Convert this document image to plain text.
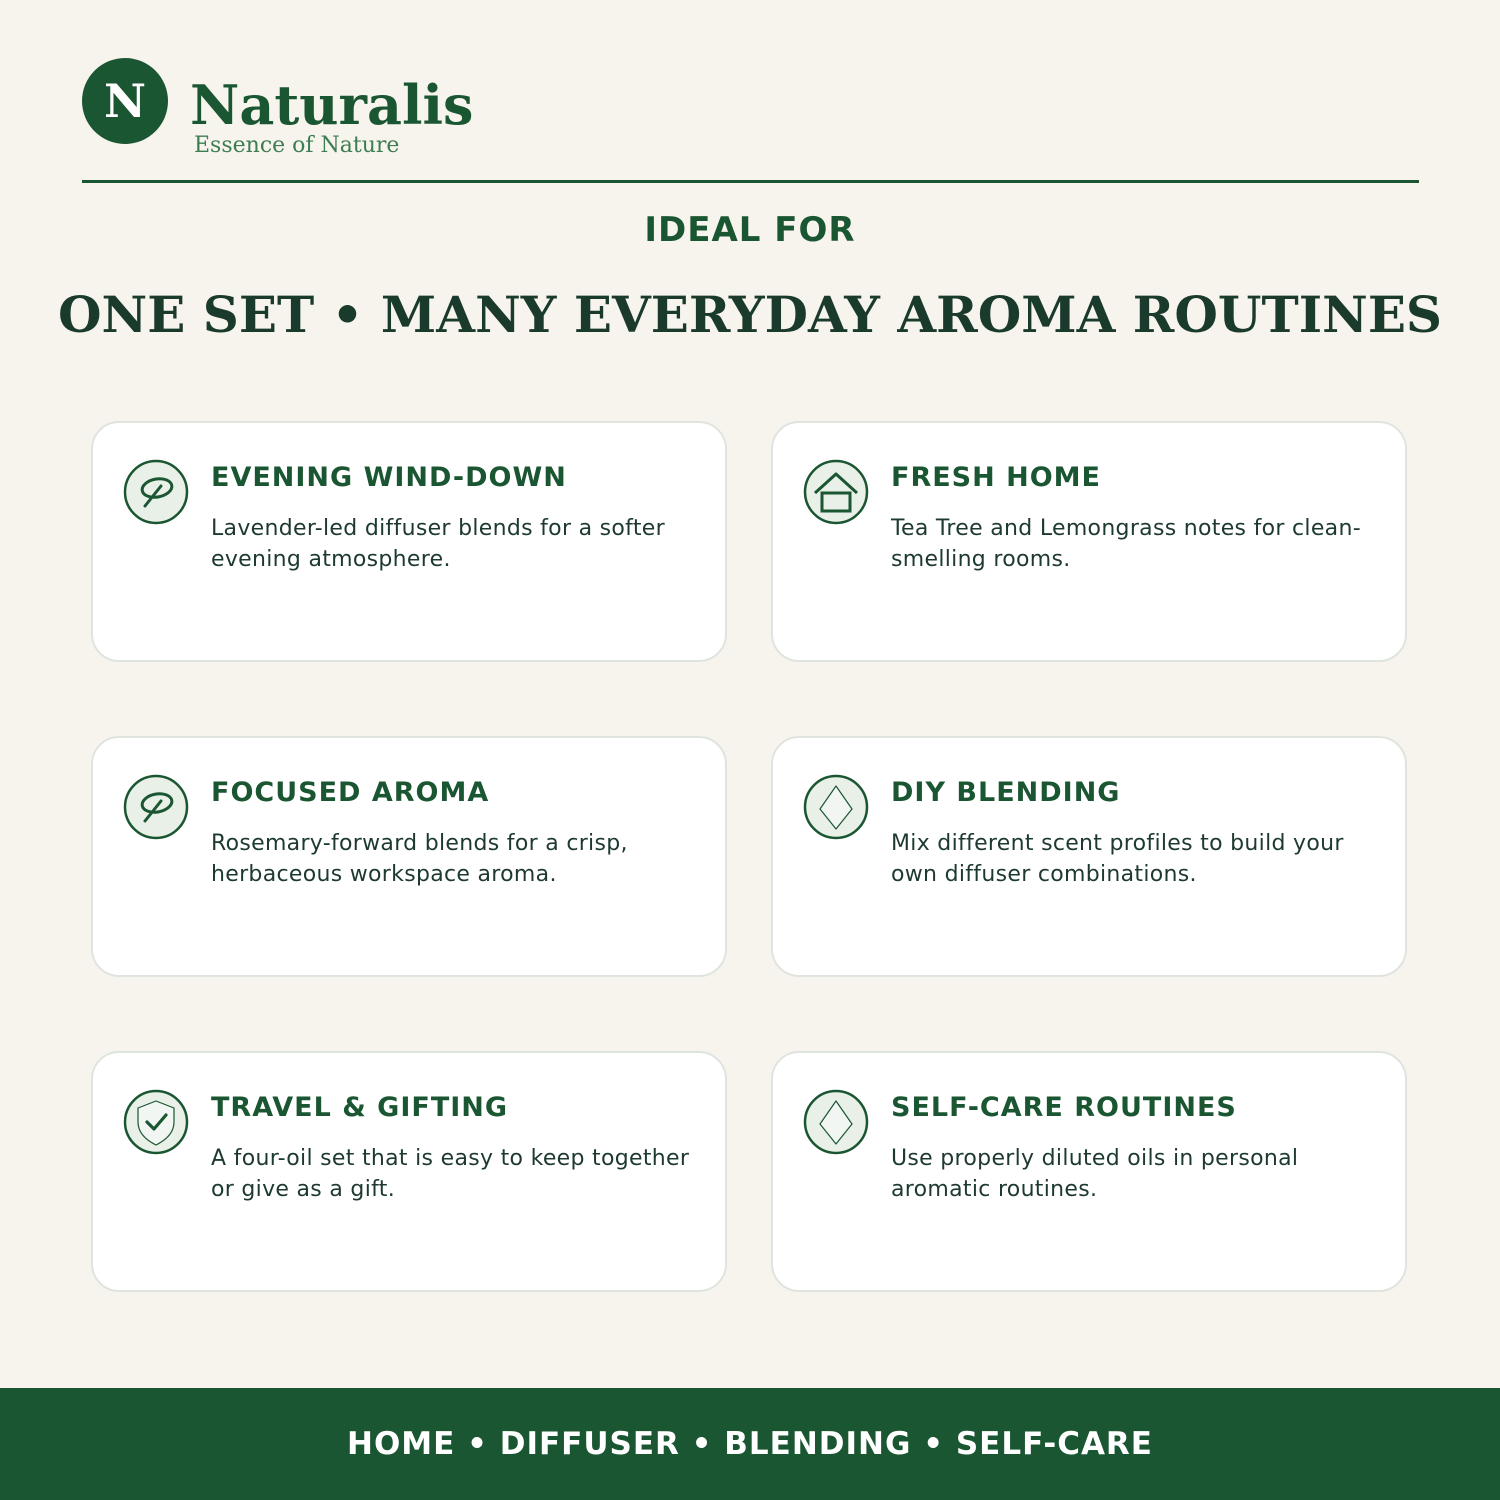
N Naturalis
Essence of Nature
IDEAL FOR
ONE SET • MANY EVERYDAY AROMA ROUTINES
EVENING WIND-DOWN
Lavender-led diffuser blends for a softer evening atmosphere.
FRESH HOME
Tea Tree and Lemongrass notes for clean-smelling rooms.
FOCUSED AROMA
Rosemary-forward blends for a crisp, herbaceous workspace aroma.
DIY BLENDING
Mix different scent profiles to build your own diffuser combinations.
TRAVEL & GIFTING
A four-oil set that is easy to keep together or give as a gift.
SELF-CARE ROUTINES
Use properly diluted oils in personal aromatic routines.
HOME • DIFFUSER • BLENDING • SELF-CARE
